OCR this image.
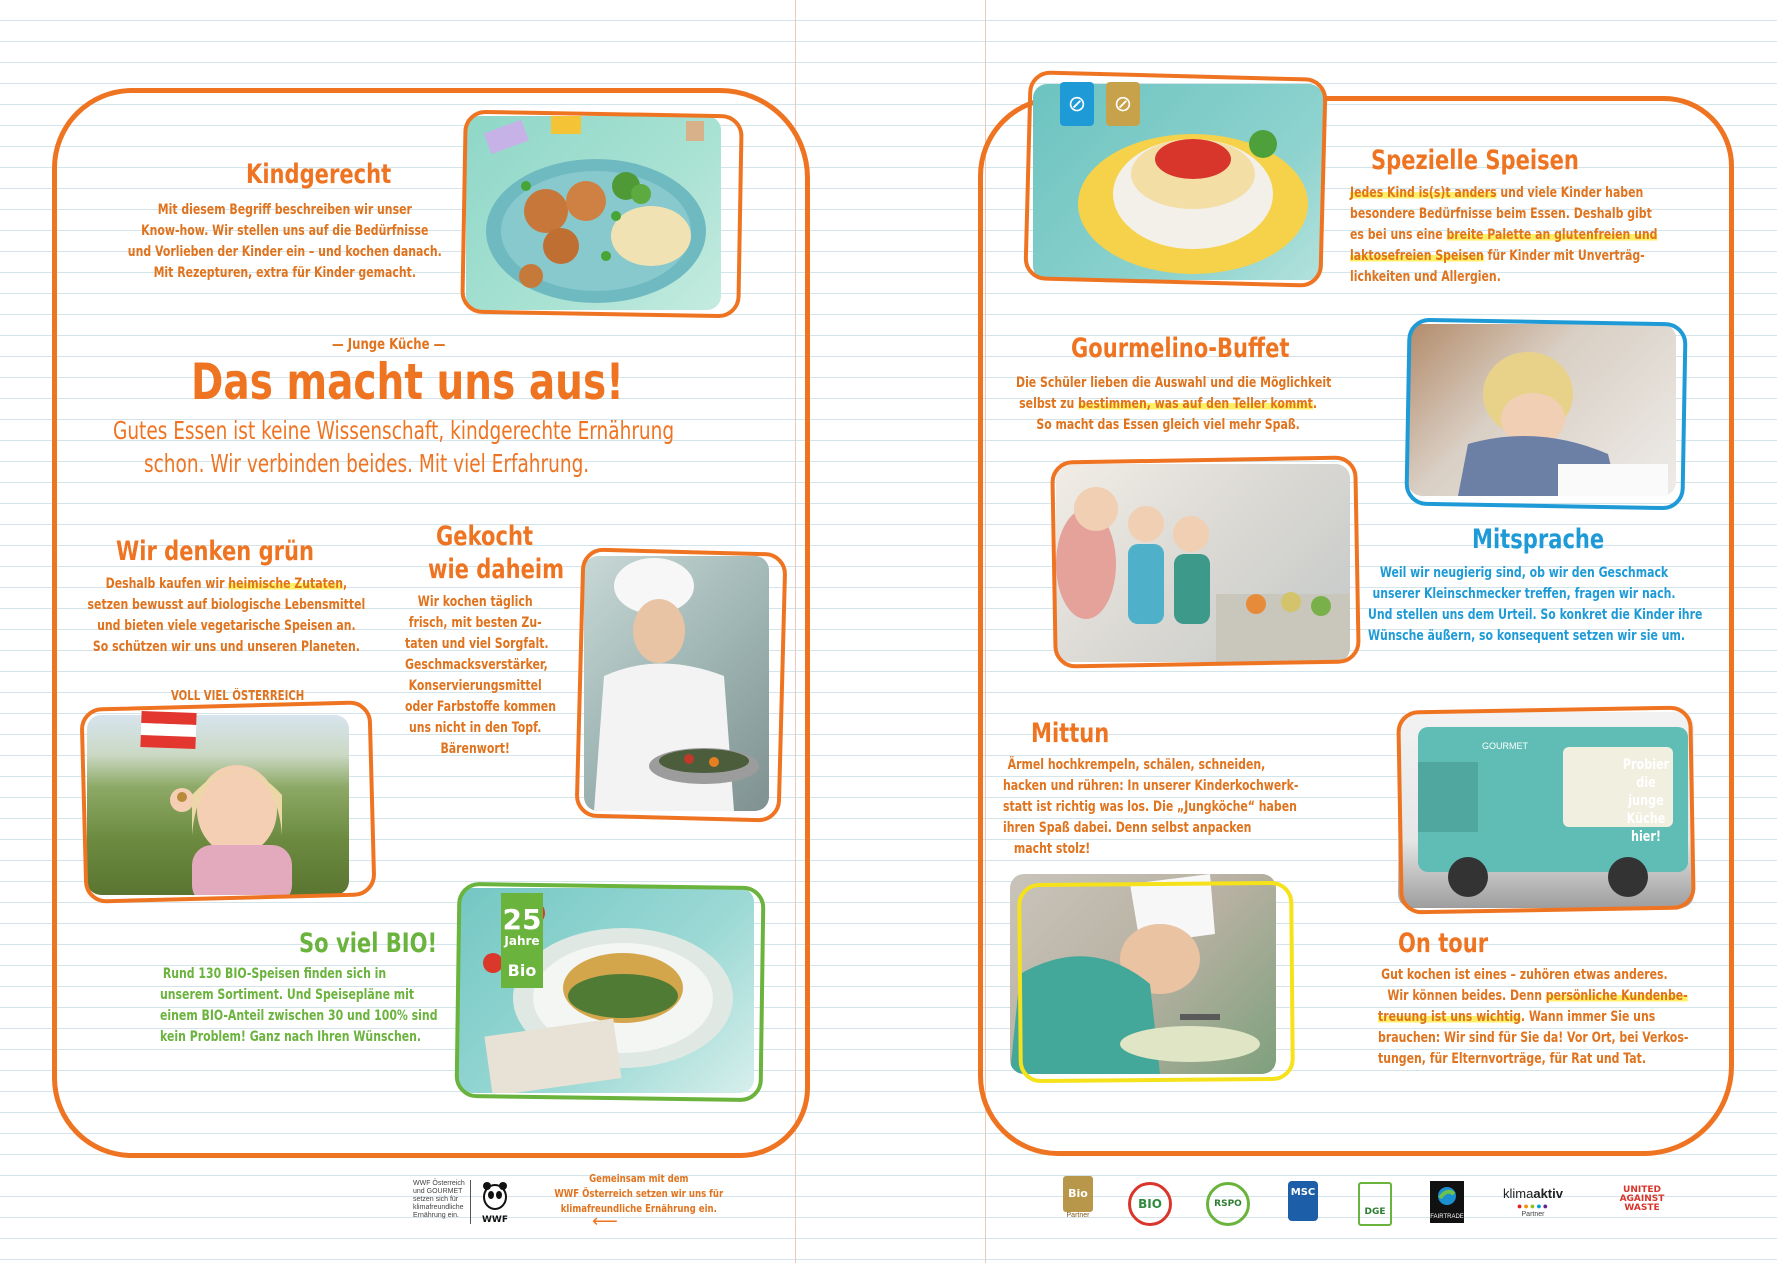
Kindgerecht
Mit diesem Begriff beschreiben wir unser
Know-how. Wir stellen uns auf die Bedürfnisse
und Vorlieben der Kinder ein – und kochen danach.
Mit Rezepturen, extra für Kinder gemacht.
— Junge Küche —
Das macht uns aus!
Gutes Essen ist keine Wissenschaft, kindgerechte Ernährung
schon. Wir verbinden beides. Mit viel Erfahrung.
Wir denken grün
Deshalb kaufen wir heimische Zutaten,
setzen bewusst auf biologische Lebensmittel
und bieten viele vegetarische Speisen an.
So schützen wir uns und unseren Planeten.
VOLL VIEL ÖSTERREICH
Gekocht
wie daheim
Wir kochen täglich
frisch, mit besten Zu-
taten und viel Sorgfalt.
Geschmacksverstärker,
Konservierungsmittel
oder Farbstoffe kommen
uns nicht in den Topf.
Bärenwort!
25
Jahre
Bio
So viel BIO!
Rund 130 BIO-Speisen finden sich in
unserem Sortiment. Und Speisepläne mit
einem BIO-Anteil zwischen 30 und 100% sind
kein Problem! Ganz nach Ihren Wünschen.
WWF Österreich
und GOURMET
setzen sich für
klimafreundliche
Ernährung ein.	WWF
Gemeinsam mit dem
WWF Österreich setzen wir uns für
klimafreundliche Ernährung ein.
⟵
⊘	⊘
Spezielle Speisen
Jedes Kind is(s)t anders und viele Kinder haben
besondere Bedürfnisse beim Essen. Deshalb gibt
es bei uns eine breite Palette an glutenfreien und
laktosefreien Speisen für Kinder mit Unverträg-
lichkeiten und Allergien.
Gourmelino-Buffet
Die Schüler lieben die Auswahl und die Möglichkeit
selbst zu bestimmen, was auf den Teller kommt.
So macht das Essen gleich viel mehr Spaß.
Mitsprache
Weil wir neugierig sind, ob wir den Geschmack
unserer Kleinschmecker treffen, fragen wir nach.
Und stellen uns dem Urteil. So konkret die Kinder ihre
Wünsche äußern, so konsequent setzen wir sie um.
Mittun
Ärmel hochkrempeln, schälen, schneiden,
hacken und rühren: In unserer Kinderkochwerk-
statt ist richtig was los. Die „Jungköche“ haben
ihren Spaß dabei. Denn selbst anpacken
macht stolz!
GOURMET
Probier die
junge Küche
hier!
On tour
Gut kochen ist eines – zuhören etwas anderes.
Wir können beides. Denn persönliche Kundenbe-
treuung ist uns wichtig. Wann immer Sie uns
brauchen: Wir sind für Sie da! Vor Ort, bei Verkos-
tungen, für Elternvorträge, für Rat und Tat.
Bio
Partner
BIO	RSPO
MSC
DGE	FAIRTRADE
klimaaktiv
●●●●●
Partner
UNITED
AGAINST
WASTE
